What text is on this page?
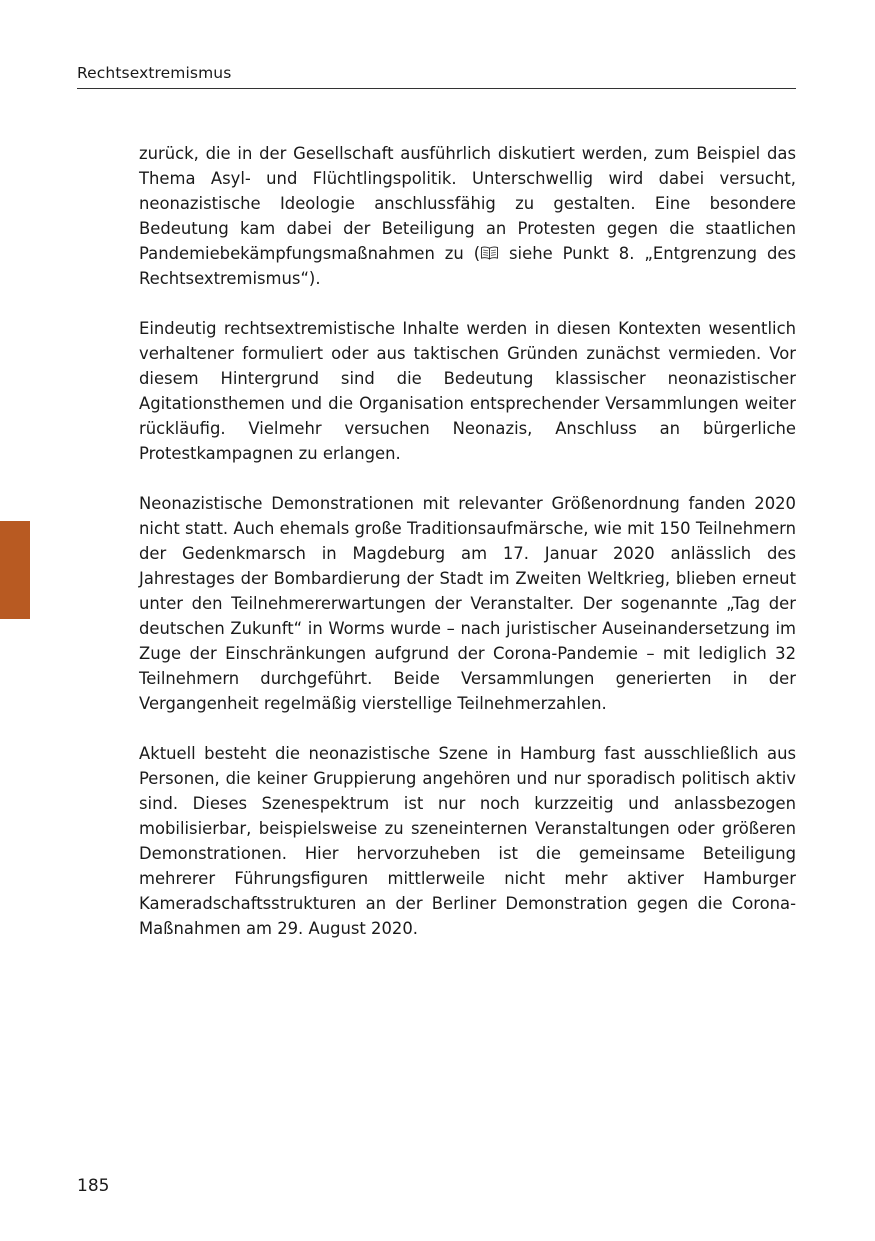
Rechtsextremismus

zurück, die in der Gesellschaft ausführlich diskutiert werden, zum Beispiel das Thema Asyl- und Flüchtlingspolitik. Unterschwellig wird dabei versucht, neonazistische Ideologie anschlussfähig zu gestalten. Eine besondere Bedeutung kam dabei der Beteiligung an Protesten gegen die staatlichen Pandemiebekämpfungsmaßnahmen zu ( siehe Punkt 8. „Entgrenzung des Rechtsextremismus“).

Eindeutig rechtsextremistische Inhalte werden in diesen Kontexten wesentlich verhaltener formuliert oder aus taktischen Gründen zunächst vermieden. Vor diesem Hintergrund sind die Bedeutung klassischer neonazistischer Agitationsthemen und die Organisation entsprechender Versammlungen weiter rückläufig. Vielmehr versuchen Neonazis, Anschluss an bürgerliche Protestkampagnen zu erlangen.

Neonazistische Demonstrationen mit relevanter Größenordnung fanden 2020 nicht statt. Auch ehemals große Traditionsaufmärsche, wie mit 150 Teilnehmern der Gedenkmarsch in Magdeburg am 17. Januar 2020 anlässlich des Jahrestages der Bombardierung der Stadt im Zweiten Weltkrieg, blieben erneut unter den Teilnehmererwartungen der Veranstalter. Der sogenannte „Tag der deutschen Zukunft“ in Worms wurde – nach juristischer Auseinandersetzung im Zuge der Einschränkungen aufgrund der Corona-Pandemie – mit lediglich 32 Teilnehmern durchgeführt. Beide Versammlungen generierten in der Vergangenheit regelmäßig vierstellige Teilnehmerzahlen.

Aktuell besteht die neonazistische Szene in Hamburg fast ausschließlich aus Personen, die keiner Gruppierung angehören und nur sporadisch politisch aktiv sind. Dieses Szenespektrum ist nur noch kurzzeitig und anlassbezogen mobilisierbar, beispielsweise zu szeneinternen Veranstaltungen oder größeren Demonstrationen. Hier hervorzuheben ist die gemeinsame Beteiligung mehrerer Führungsfiguren mittlerweile nicht mehr aktiver Hamburger Kameradschaftsstrukturen an der Berliner Demonstration gegen die Corona-Maßnahmen am 29. August 2020.

185
